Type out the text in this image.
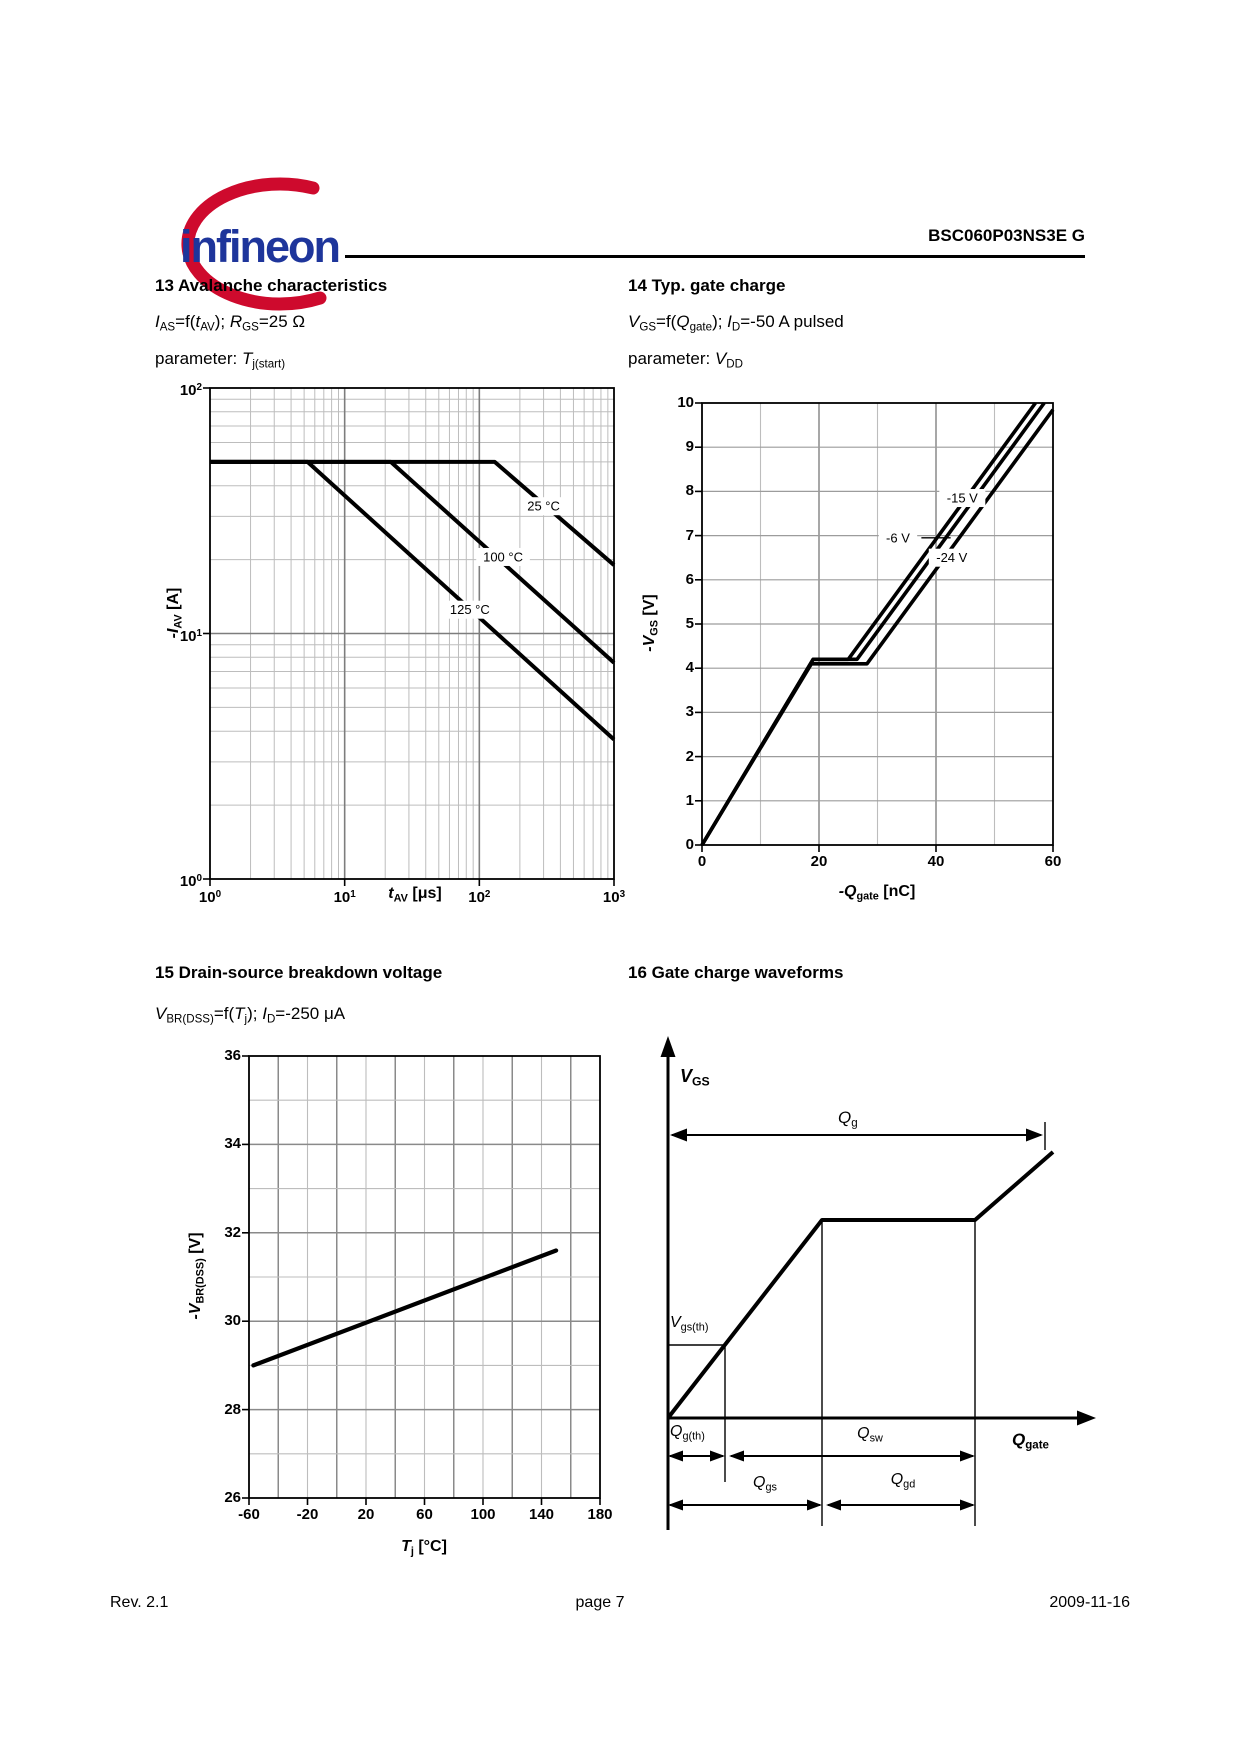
infineon	BSC060P03NS3E G
13 Avalanche characteristics	14 Typ. gate charge
$I_{AS}=f(t_{AV})$; $R_{GS}=25$ Ω	$V_{GS}=f(Q_{gate})$; $I_D=-50$ A pulsed
parameter: $T_{j(start)}$	parameter: $V_{DD}$
25 °C
100 °C
125 °C
$-I_{AV}$ [A]
$t_{AV}$ [μs]
$10^0$
$10^1$
$10^2$
$10^0$	$10^1$	$10^2$	$10^3$
-6 V
-15 V
-24 V
$-V_{GS}$ [V]
$-Q_{gate}$ [nC]
0
1
2
3
4
5
6
7
8
9
10
0	20	40	60
15 Drain-source breakdown voltage	16 Gate charge waveforms
$V_{BR(DSS)}=f(T_j)$; $I_D=-250$ μA
$-V_{BR(DSS)}$ [V]
$T_j$ [°C]
26
28
30
32
34
36
-60	-20	20	60	100	140	180
$V_{GS}$
$Q_g$
$V_{gs(th)}$
$Q_{g(th)}$	$Q_{sw}$	$Q_{gate}$
$Q_{gs}$	$Q_{gd}$
Rev. 2.1	page 7	2009-11-16
